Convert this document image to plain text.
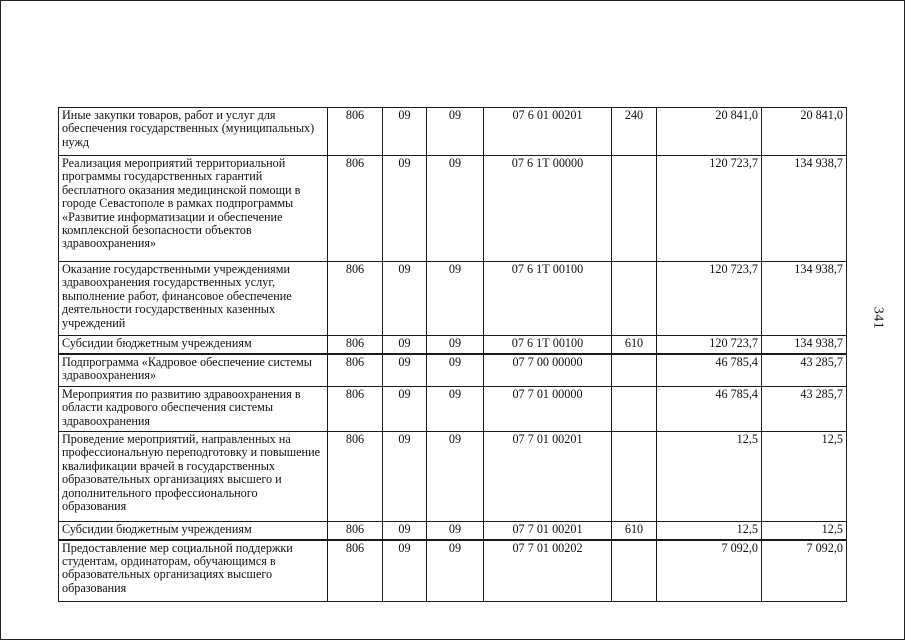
Иные закупки товаров, работ и услуг для обеспечения государственных (муниципальных) нужд	806	09	09	07 6 01 00201	240	20 841,0	20 841,0
Реализация мероприятий территориальной программы государственных гарантий бесплатного оказания медицинской помощи в городе Севастополе в рамках подпрограммы «Развитие информатизации и обеспечение комплексной безопасности объектов здравоохранения»	806	09	09	07 6 1Т 00000		120 723,7	134 938,7
Оказание государственными учреждениями здравоохранения государственных услуг, выполнение работ, финансовое обеспечение деятельности государственных казенных учреждений	806	09	09	07 6 1Т 00100		120 723,7	134 938,7
Субсидии бюджетным учреждениям	806	09	09	07 6 1Т 00100	610	120 723,7	134 938,7
Подпрограмма «Кадровое обеспечение системы здравоохранения»	806	09	09	07 7 00 00000		46 785,4	43 285,7
Мероприятия по развитию здравоохранения в области кадрового обеспечения системы здравоохранения	806	09	09	07 7 01 00000		46 785,4	43 285,7
Проведение мероприятий, направленных на профессиональную переподготовку и повышение квалификации врачей в государственных образовательных организациях высшего и дополнительного профессионального образования	806	09	09	07 7 01 00201		12,5	12,5
Субсидии бюджетным учреждениям	806	09	09	07 7 01 00201	610	12,5	12,5
Предоставление мер социальной поддержки студентам, ординаторам, обучающимся в образовательных организациях высшего образования	806	09	09	07 7 01 00202		7 092,0	7 092,0
341
